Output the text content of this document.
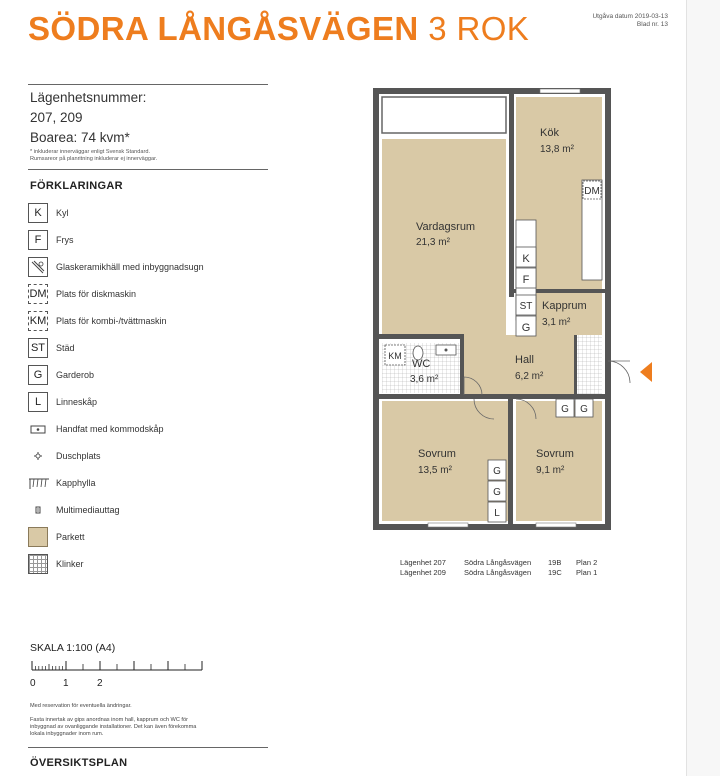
SÖDRA LÅNGÅSVÄGEN 3 ROK	Utgåva datum 2019-03-13
Blad nr. 13
Lägenhetsnummer:
207, 209
Boarea: 74 kvm*
* inkluderar innerväggar enligt Svensk Standard.
Rumsareor på planritning inkluderar ej innerväggar.
FÖRKLARINGAR
K	Kyl
F	Frys
Glaskeramikhäll med inbyggnadsugn
DM Plats för diskmaskin
KM Plats för kombi-/tvättmaskin
ST	Städ
G	Garderob
L	Linneskåp
Handfat med kommodskåp
Duschplats
Kapphylla
Multimediauttag
Parkett
Klinker
SKALA 1:100 (A4)
0	1	2
Med reservation för eventuella ändringar.
Fasta innertak av gips anordnas inom hall, kapprum och WC för
inbyggnad av ovanliggande installationer. Det kan även förekomma
lokala inbyggnader inom rum.
ÖVERSIKTSPLAN
DM
K
F
ST
G
G G
G
G
L
KM
Kök
13,8 m²
Vardagsrum
21,3 m²
Kapprum
3,1 m²
WC
3,6 m²
Hall
6,2 m²
Sovrum
13,5 m²
Sovrum
9,1 m²
Lägenhet 207 Södra Långåsvägen 19B Plan 2
Lägenhet 209 Södra Långåsvägen 19C Plan 1
